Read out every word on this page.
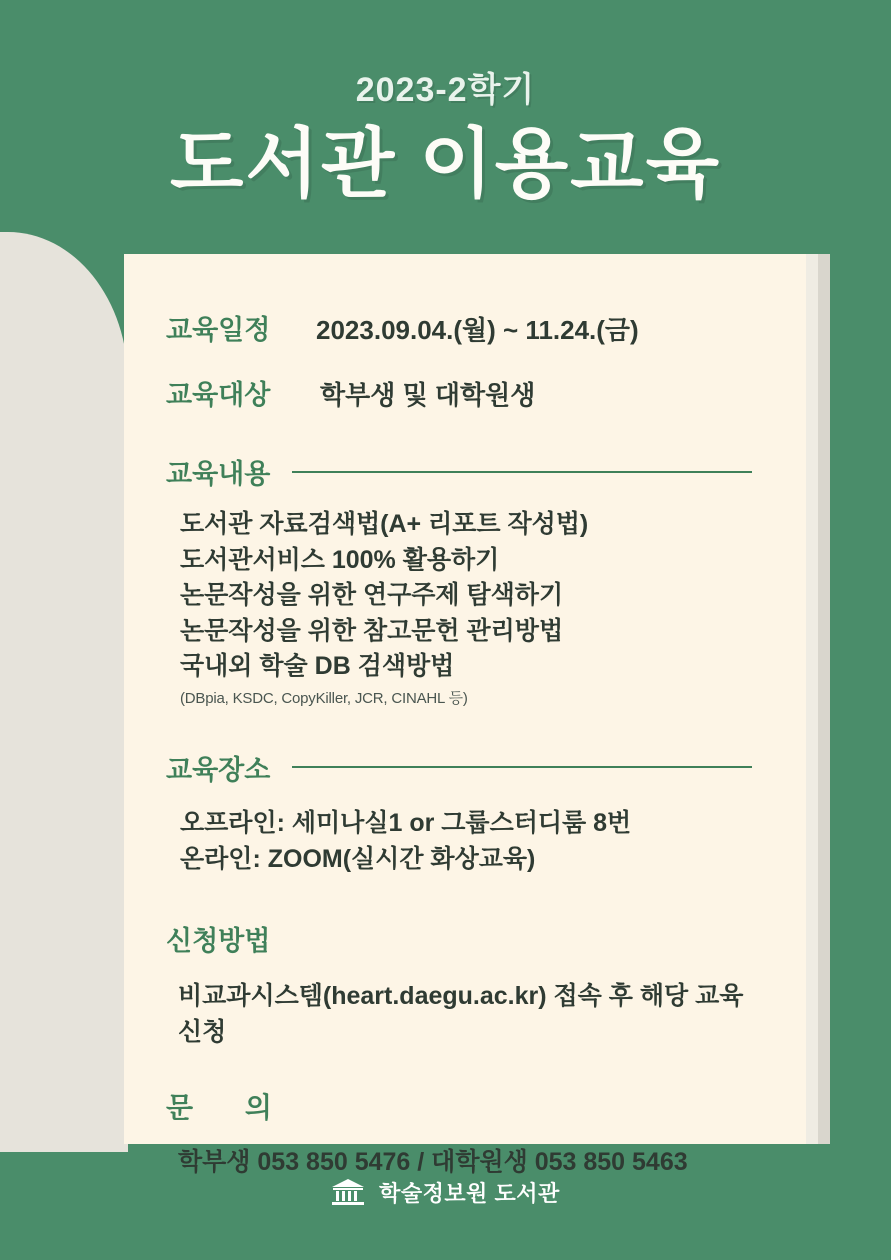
2023-2학기
도서관 이용교육
교육일정	2023.09.04.(월) ~ 11.24.(금)
교육대상	학부생 및 대학원생
교육내용
도서관 자료검색법(A+ 리포트 작성법)
도서관서비스 100% 활용하기
논문작성을 위한 연구주제 탐색하기
논문작성을 위한 참고문헌 관리방법
국내외 학술 DB 검색방법
(DBpia, KSDC, CopyKiller, JCR, CINAHL 등)
교육장소
오프라인: 세미나실1 or 그룹스터디룸 8번
온라인: ZOOM(실시간 화상교육)
신청방법
비교과시스템(heart.daegu.ac.kr) 접속 후 해당 교육 신청
문 의
학부생 053 850 5476 / 대학원생 053 850 5463
학술정보원 도서관
